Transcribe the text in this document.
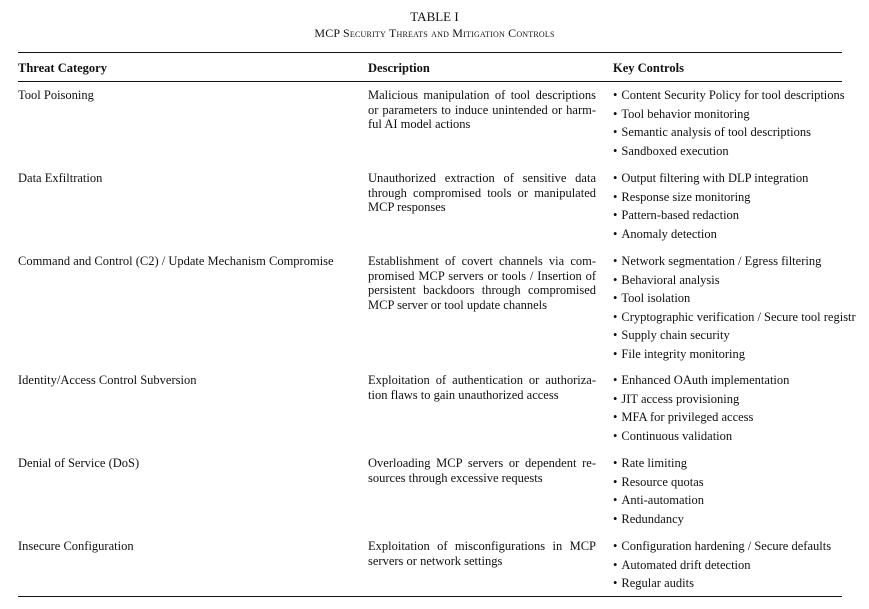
TABLE I
MCP Security Threats and Mitigation Controls
Threat Category	Description	Key Controls
Tool Poisoning	Malicious manipulation of tool descriptions or parameters to induce unintended or harm-ful AI model actions
• Content Security Policy for tool descriptions
• Tool behavior monitoring
• Semantic analysis of tool descriptions
• Sandboxed execution
Data Exfiltration	Unauthorized extraction of sensitive data through compromised tools or manipulated MCP responses
• Output filtering with DLP integration
• Response size monitoring
• Pattern-based redaction
• Anomaly detection
Command and Control (C2) / Update Mechanism Compromise	Establishment of covert channels via com-promised MCP servers or tools / Insertion of persistent backdoors through compromised MCP server or tool update channels
• Network segmentation / Egress filtering
• Behavioral analysis
• Tool isolation
• Cryptographic verification / Secure tool registr
• Supply chain security
• File integrity monitoring
Identity/Access Control Subversion	Exploitation of authentication or authoriza-tion flaws to gain unauthorized access
• Enhanced OAuth implementation
• JIT access provisioning
• MFA for privileged access
• Continuous validation
Denial of Service (DoS)	Overloading MCP servers or dependent re-sources through excessive requests
• Rate limiting
• Resource quotas
• Anti-automation
• Redundancy
Insecure Configuration	Exploitation of misconfigurations in MCP servers or network settings
• Configuration hardening / Secure defaults
• Automated drift detection
• Regular audits
